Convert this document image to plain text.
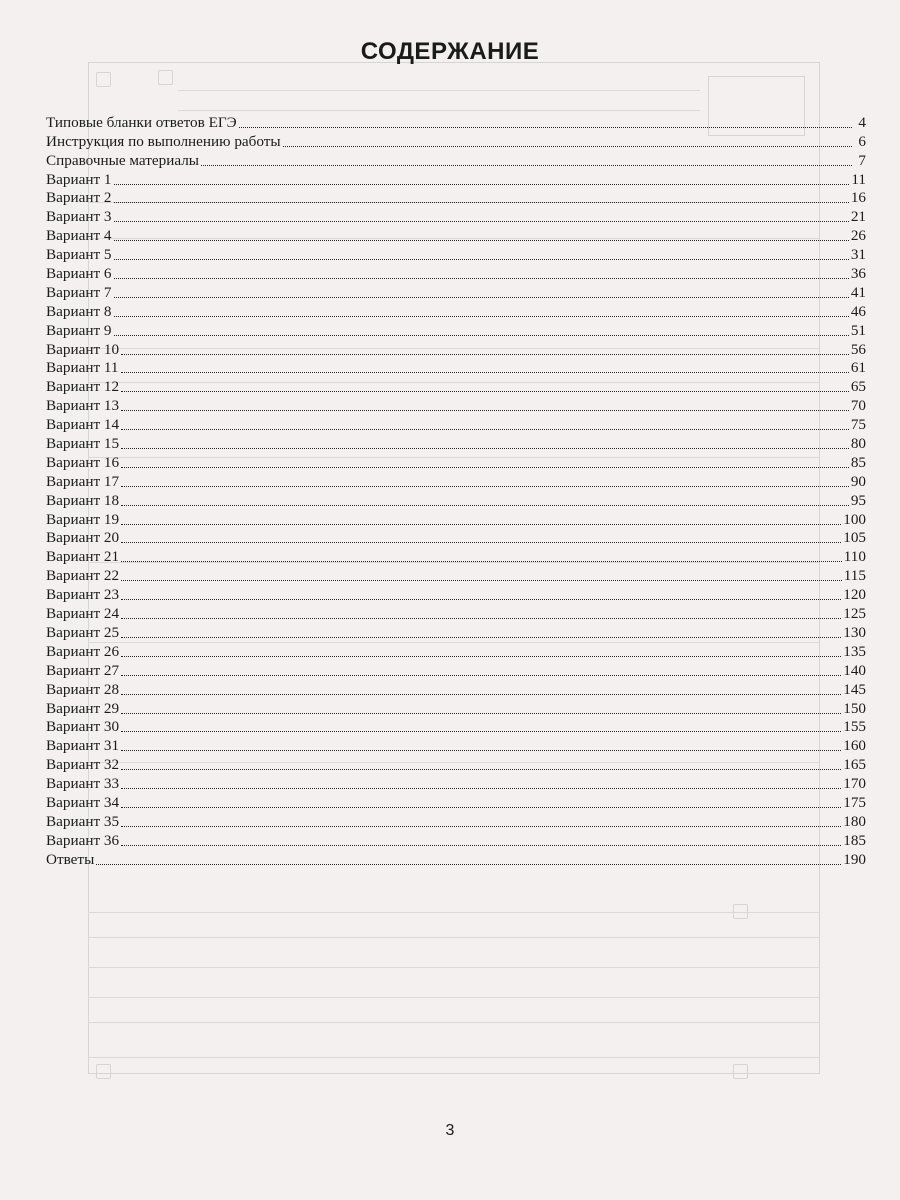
СОДЕРЖАНИЕ
Типовые бланки ответов ЕГЭ	4
Инструкция по выполнению работы	6
Справочные материалы	7
Вариант 1	11
Вариант 2	16
Вариант 3	21
Вариант 4	26
Вариант 5	31
Вариант 6	36
Вариант 7	41
Вариант 8	46
Вариант 9	51
Вариант 10	56
Вариант 11	61
Вариант 12	65
Вариант 13	70
Вариант 14	75
Вариант 15	80
Вариант 16	85
Вариант 17	90
Вариант 18	95
Вариант 19	100
Вариант 20	105
Вариант 21	110
Вариант 22	115
Вариант 23	120
Вариант 24	125
Вариант 25	130
Вариант 26	135
Вариант 27	140
Вариант 28	145
Вариант 29	150
Вариант 30	155
Вариант 31	160
Вариант 32	165
Вариант 33	170
Вариант 34	175
Вариант 35	180
Вариант 36	185
Ответы	190
3
